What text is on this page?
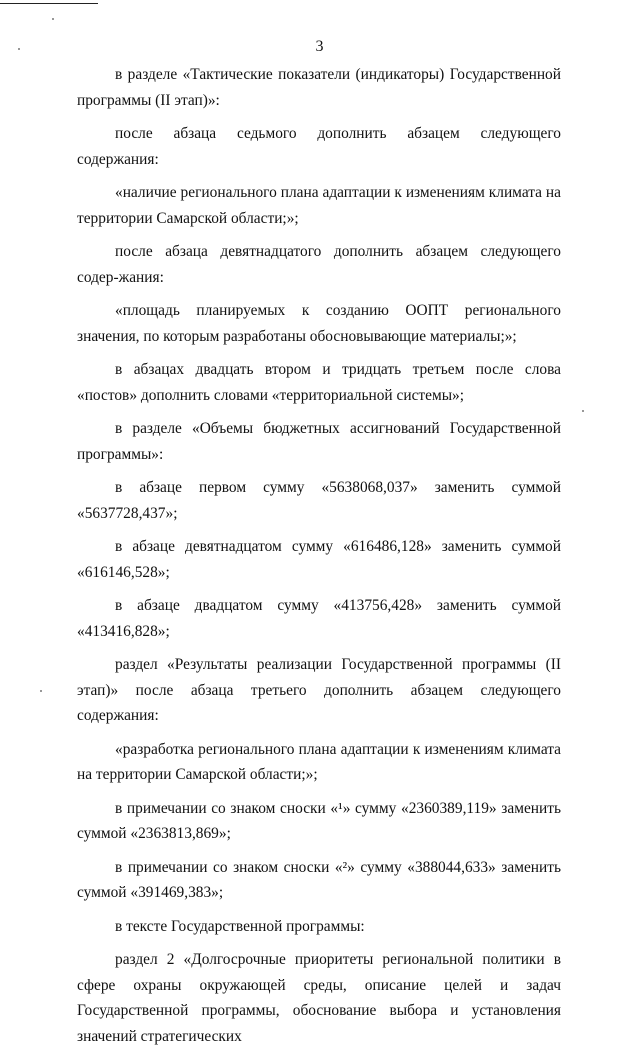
3

в разделе «Тактические показатели (индикаторы) Государственной программы (II этап)»:

после абзаца седьмого дополнить абзацем следующего содержания:

«наличие регионального плана адаптации к изменениям климата на территории Самарской области;»;

после абзаца девятнадцатого дополнить абзацем следующего содер-жания:

«площадь планируемых к созданию ООПТ регионального значения, по которым разработаны обосновывающие материалы;»;

в абзацах двадцать втором и тридцать третьем после слова «постов» дополнить словами «территориальной системы»;

в разделе «Объемы бюджетных ассигнований Государственной программы»:

в абзаце первом сумму «5638068,037» заменить суммой «5637728,437»;

в абзаце девятнадцатом сумму «616486,128» заменить суммой «616146,528»;

в абзаце двадцатом сумму «413756,428» заменить суммой «413416,828»;

раздел «Результаты реализации Государственной программы (II этап)» после абзаца третьего дополнить абзацем следующего содержания:

«разработка регионального плана адаптации к изменениям климата на территории Самарской области;»;

в примечании со знаком сноски «¹» сумму «2360389,119» заменить суммой «2363813,869»;

в примечании со знаком сноски «²» сумму «388044,633» заменить суммой «391469,383»;

в тексте Государственной программы:

раздел 2 «Долгосрочные приоритеты региональной политики в сфере охраны окружающей среды, описание целей и задач Государственной программы, обоснование выбора и установления значений стратегических
